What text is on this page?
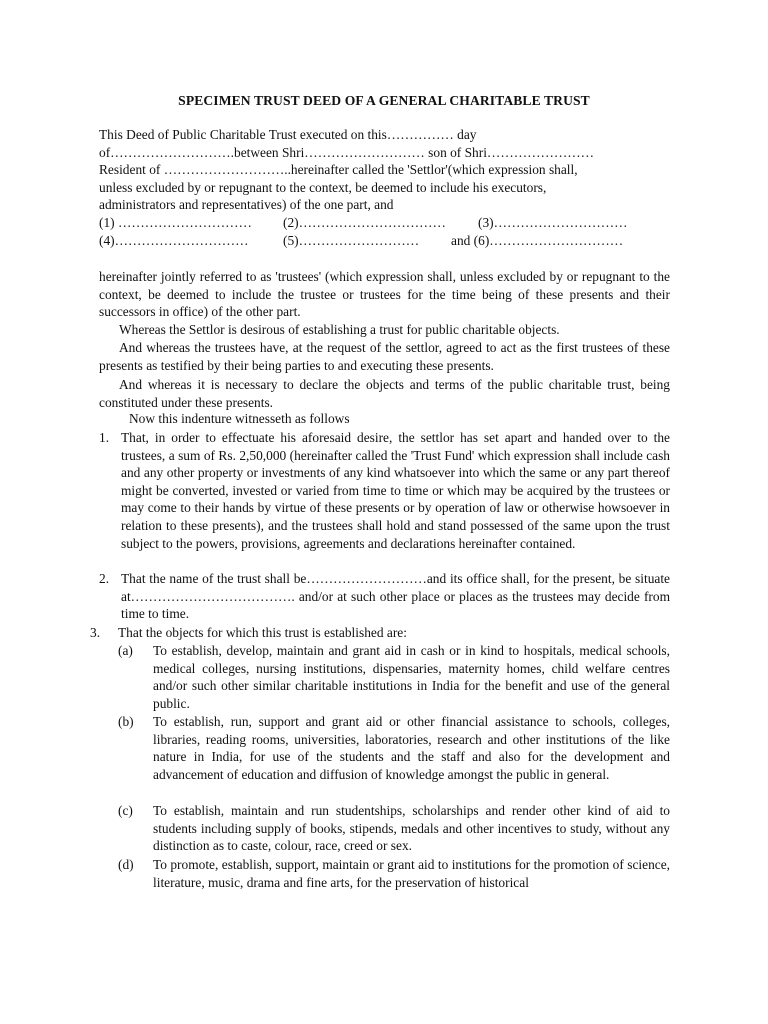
SPECIMEN TRUST DEED OF A GENERAL CHARITABLE TRUST
This Deed of Public Charitable Trust executed on this…………… day
of……………………….between Shri……………………… son of Shri……………………
Resident of ………………………..hereinafter called the 'Settlor'(which expression shall,
unless excluded by or repugnant to the context, be deemed to include his executors,
administrators and representatives) of the one part, and
(1) ………………………… (2)…………………………… (3)…………………………
(4)…………………………	(5)……………………… and (6)…………………………
hereinafter jointly referred to as 'trustees' (which expression shall, unless excluded by or repugnant to the context, be deemed to include the trustee or trustees for the time being of these presents and their successors in office) of the other part.
Whereas the Settlor is desirous of establishing a trust for public charitable objects.
And whereas the trustees have, at the request of the settlor, agreed to act as the first trustees of these presents as testified by their being parties to and executing these presents.
And whereas it is necessary to declare the objects and terms of the public charitable trust, being constituted under these presents.
Now this indenture witnesseth as follows
1. That, in order to effectuate his aforesaid desire, the settlor has set apart and handed over to the trustees, a sum of Rs. 2,50,000 (hereinafter called the 'Trust Fund' which expression shall include cash and any other property or investments of any kind whatsoever into which the same or any part thereof might be converted, invested or varied from time to time or which may be acquired by the trustees or may come to their hands by virtue of these presents or by operation of law or otherwise howsoever in relation to these presents), and the trustees shall hold and stand possessed of the same upon the trust subject to the powers, provisions, agreements and declarations hereinafter contained.
2. That the name of the trust shall be………………………and its office shall, for the present, be situate at………………………………. and/or at such other place or places as the trustees may decide from time to time.
3. That the objects for which this trust is established are:
(a) To establish, develop, maintain and grant aid in cash or in kind to hospitals, medical schools, medical colleges, nursing institutions, dispensaries, maternity homes, child welfare centres and/or such other similar charitable institutions in India for the benefit and use of the general public.
(b) To establish, run, support and grant aid or other financial assistance to schools, colleges, libraries, reading rooms, universities, laboratories, research and other institutions of the like nature in India, for use of the students and the staff and also for the development and advancement of education and diffusion of knowledge amongst the public in general.
(c) To establish, maintain and run studentships, scholarships and render other kind of aid to students including supply of books, stipends, medals and other incentives to study, without any distinction as to caste, colour, race, creed or sex.
(d) To promote, establish, support, maintain or grant aid to institutions for the promotion of science, literature, music, drama and fine arts, for the preservation of historical
